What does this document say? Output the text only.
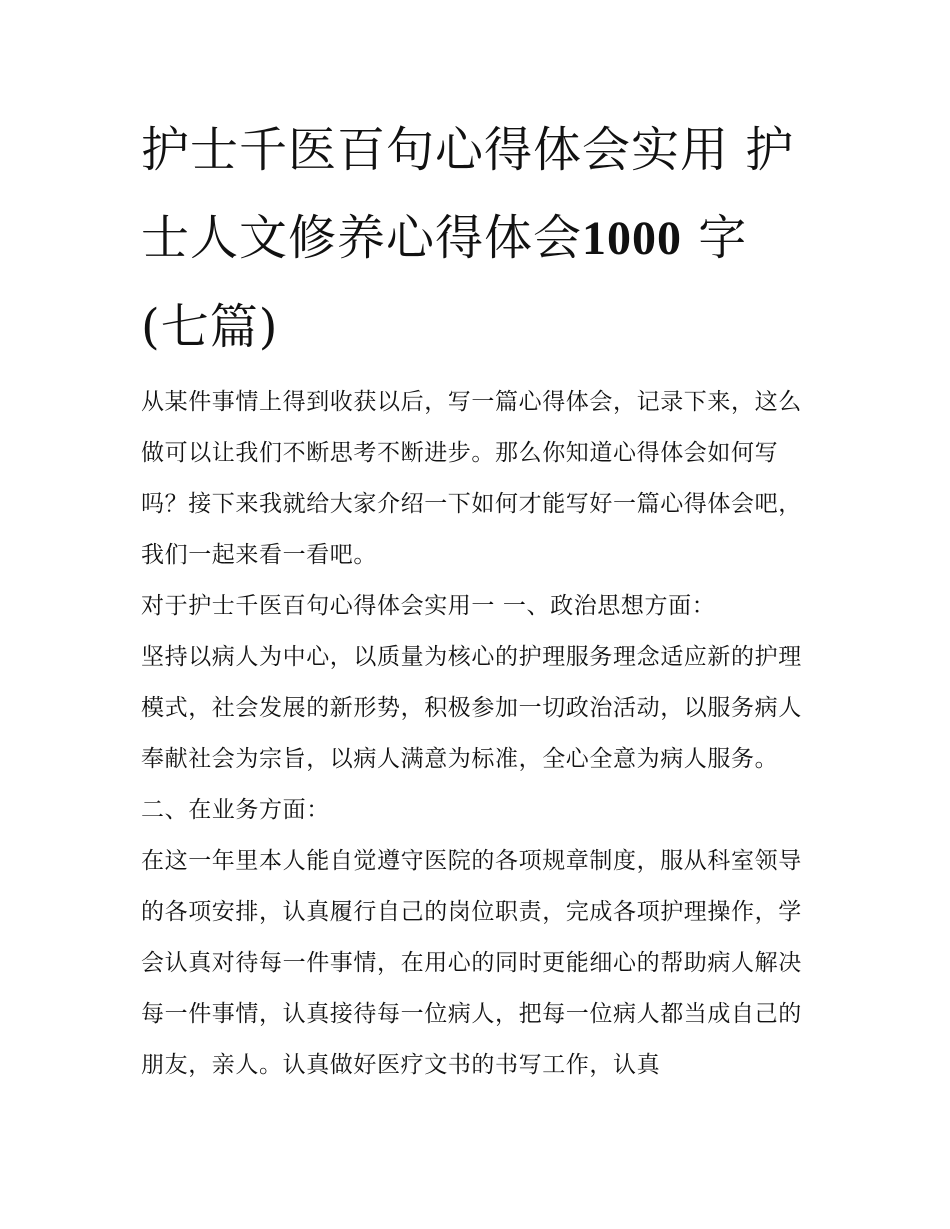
护士千医百句心得体会实用 护士人文修养心得体会1000 字 (七篇)

从某件事情上得到收获以后，写一篇心得体会，记录下来，这么做可以让我们不断思考不断进步。那么你知道心得体会如何写吗？接下来我就给大家介绍一下如何才能写好一篇心得体会吧，我们一起来看一看吧。

对于护士千医百句心得体会实用一 一、政治思想方面：

坚持以病人为中心，以质量为核心的护理服务理念适应新的护理模式，社会发展的新形势，积极参加一切政治活动，以服务病人奉献社会为宗旨，以病人满意为标准，全心全意为病人服务。

二、在业务方面：

在这一年里本人能自觉遵守医院的各项规章制度，服从科室领导的各项安排，认真履行自己的岗位职责，完成各项护理操作，学会认真对待每一件事情，在用心的同时更能细心的帮助病人解决每一件事情，认真接待每一位病人，把每一位病人都当成自己的朋友，亲人。认真做好医疗文书的书写工作，认真
